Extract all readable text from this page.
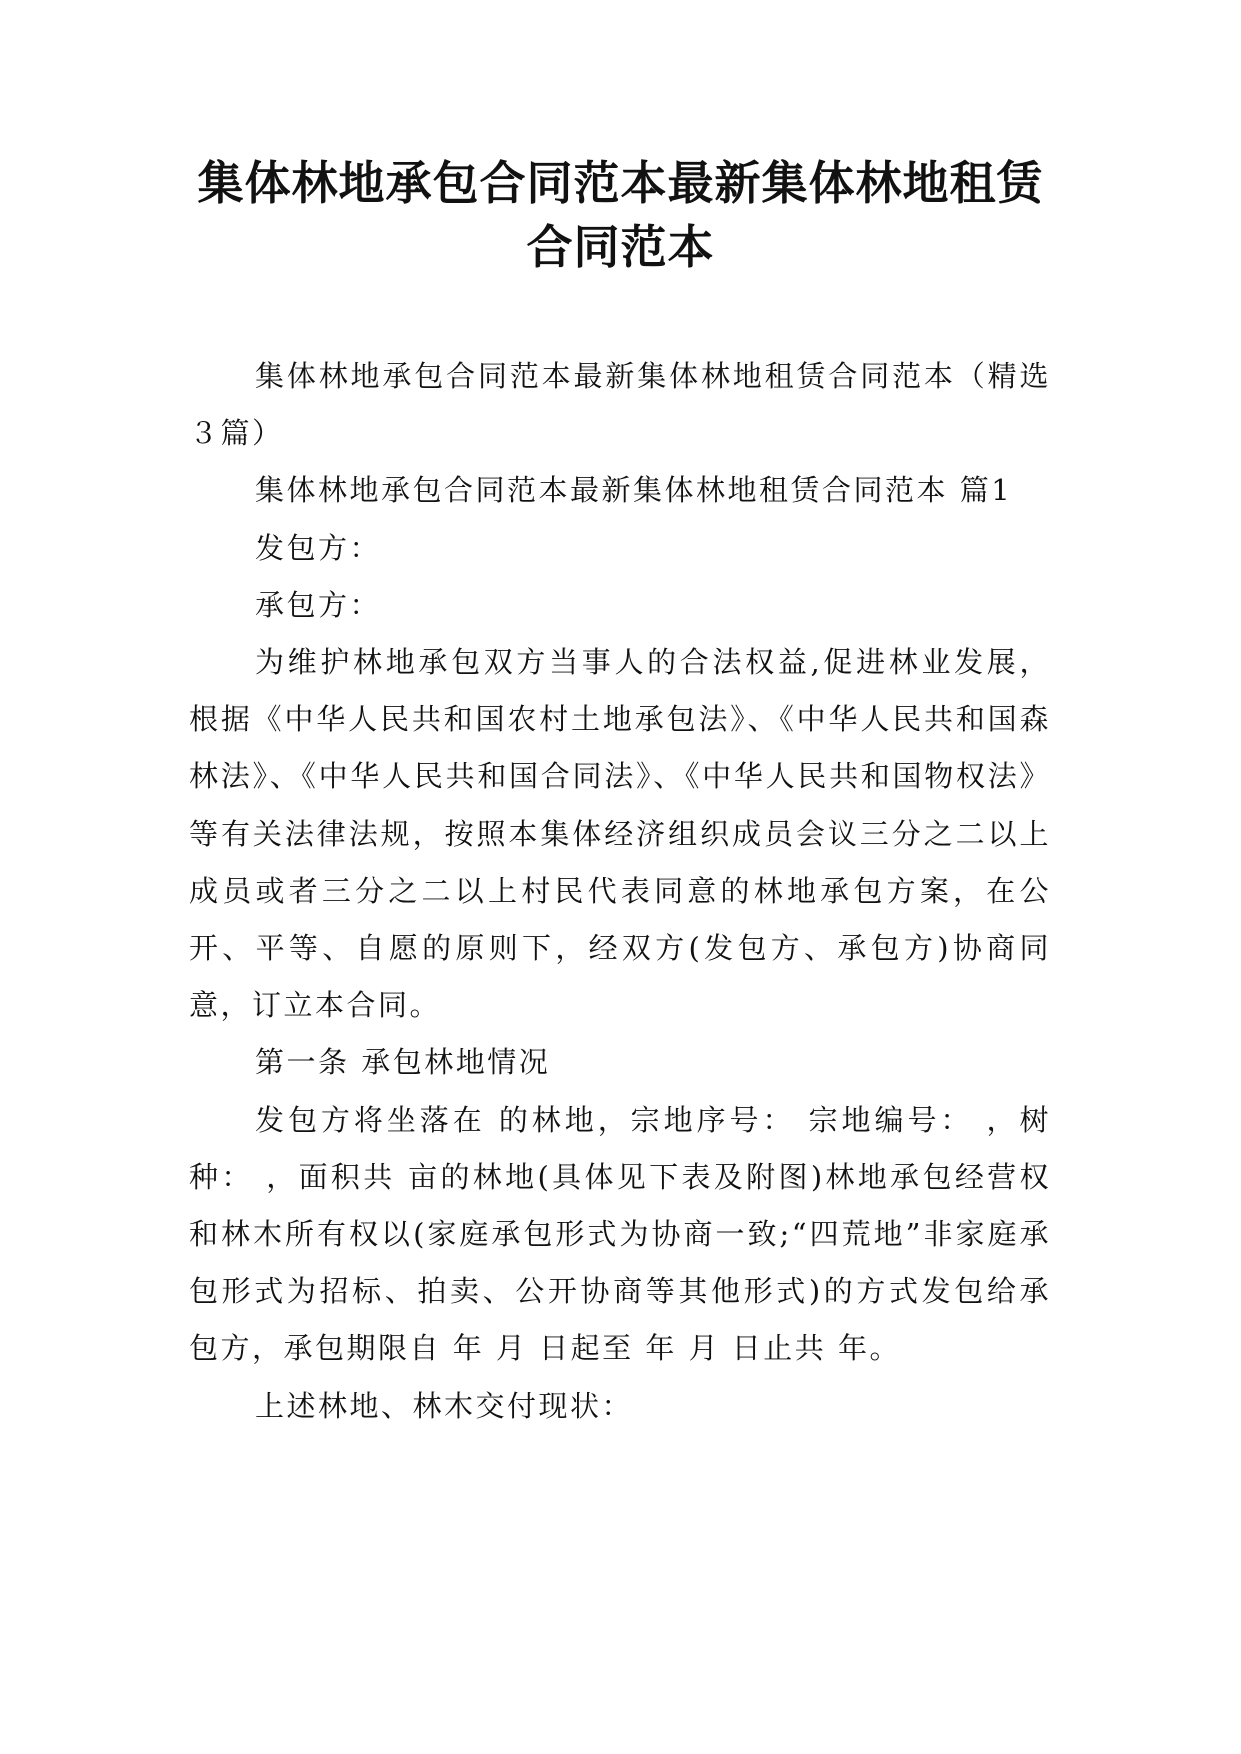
集体林地承包合同范本最新集体林地租赁
合同范本

集体林地承包合同范本最新集体林地租赁合同范本（精选３篇）

集体林地承包合同范本最新集体林地租赁合同范本 篇1

发包方：

承包方：

为维护林地承包双方当事人的合法权益,促进林业发展，根据《中华人民共和国农村土地承包法》、《中华人民共和国森林法》、《中华人民共和国合同法》、《中华人民共和国物权法》等有关法律法规，按照本集体经济组织成员会议三分之二以上成员或者三分之二以上村民代表同意的林地承包方案，在公开、平等、自愿的原则下，经双方(发包方、承包方)协商同意，订立本合同。

第一条 承包林地情况

发包方将坐落在 的林地，宗地序号： 宗地编号： ，树种： ，面积共 亩的林地(具体见下表及附图)林地承包经营权和林木所有权以(家庭承包形式为协商一致;“四荒地”非家庭承包形式为招标、拍卖、公开协商等其他形式)的方式发包给承包方，承包期限自 年 月 日起至 年 月 日止共 年。

上述林地、林木交付现状：
